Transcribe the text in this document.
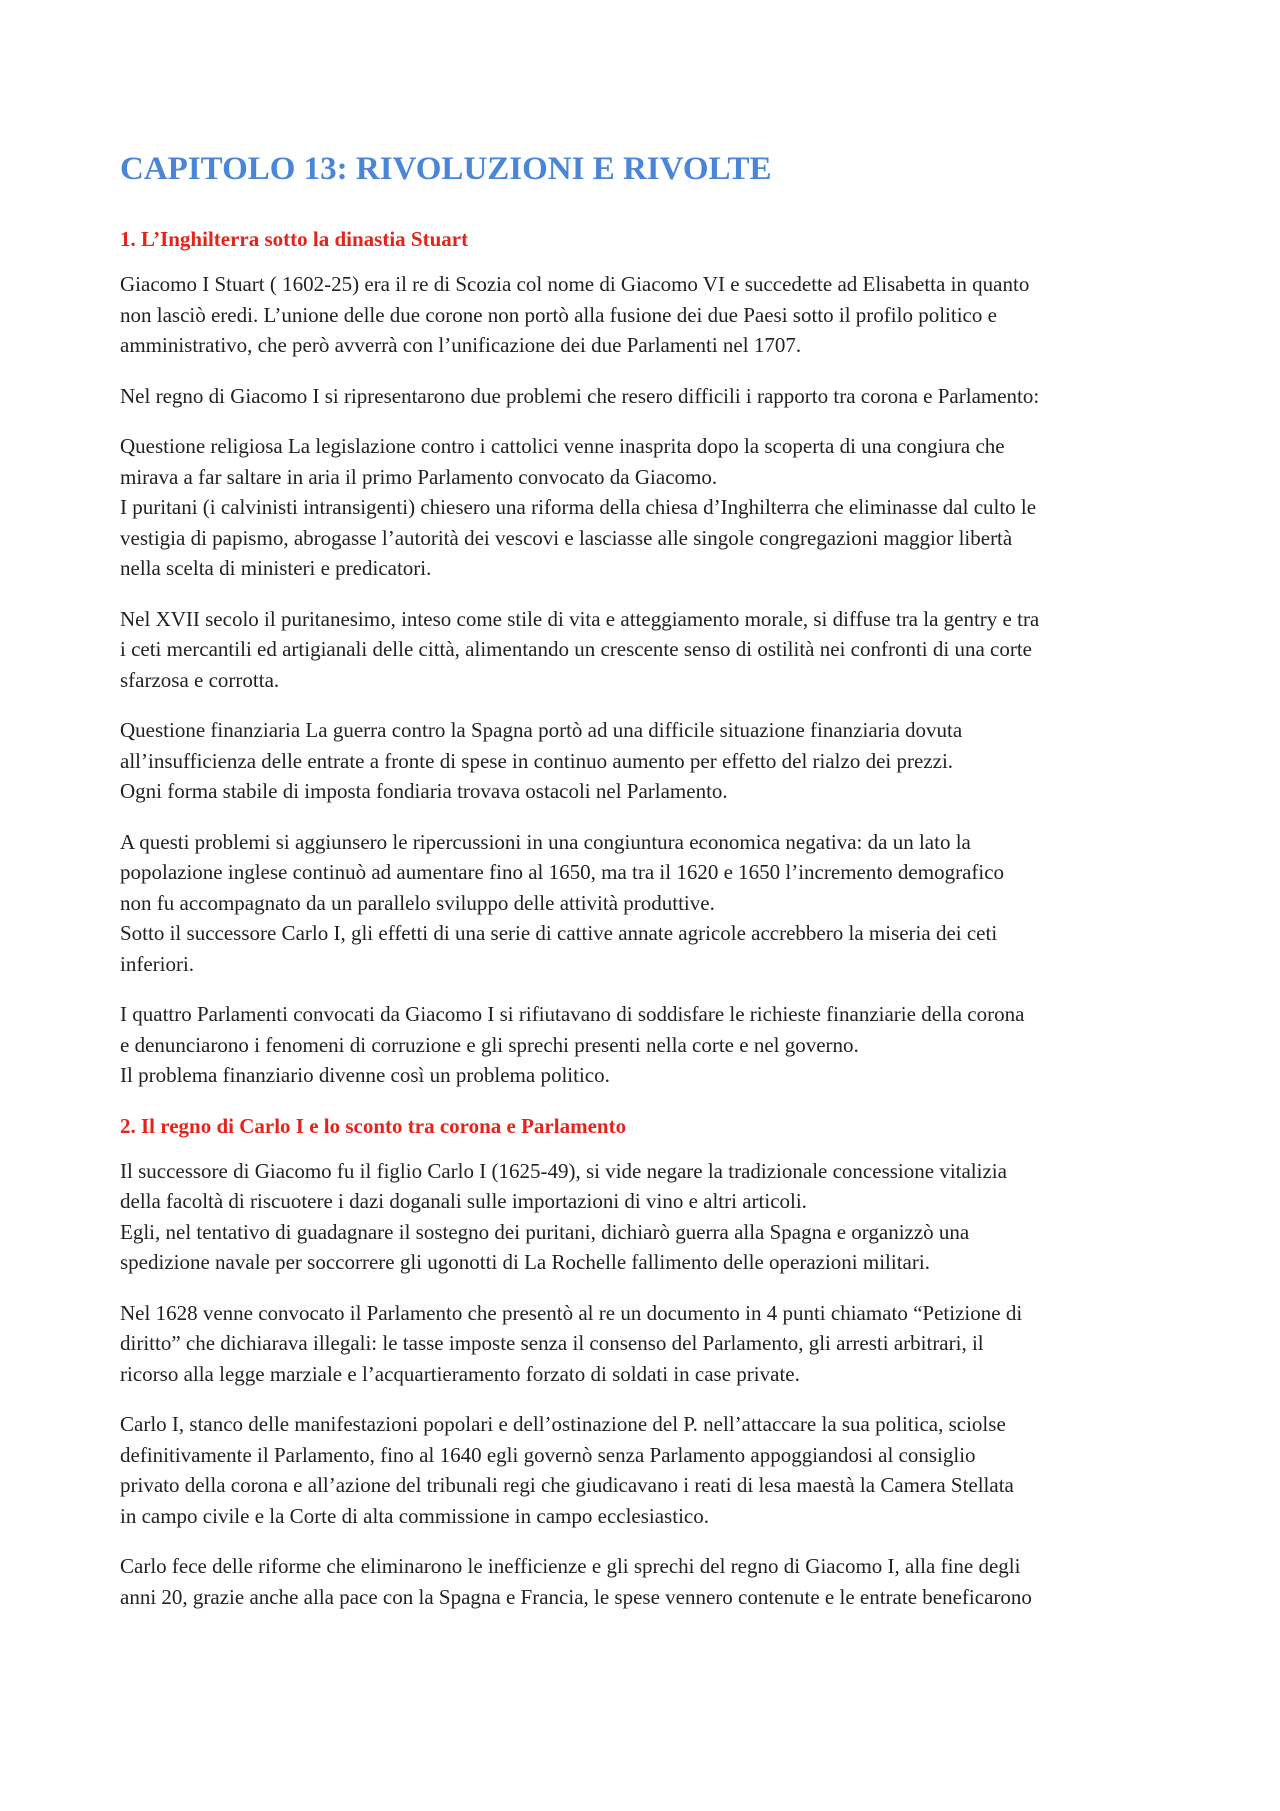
CAPITOLO 13: RIVOLUZIONI E RIVOLTE
1. L’Inghilterra sotto la dinastia Stuart

Giacomo I Stuart ( 1602-25) era il re di Scozia col nome di Giacomo VI e succedette ad Elisabetta in quanto
non lasciò eredi. L’unione delle due corone non portò alla fusione dei due Paesi sotto il profilo politico e
amministrativo, che però avverrà con l’unificazione dei due Parlamenti nel 1707.

Nel regno di Giacomo I si ripresentarono due problemi che resero difficili i rapporto tra corona e Parlamento:

Questione religiosa La legislazione contro i cattolici venne inasprita dopo la scoperta di una congiura che
mirava a far saltare in aria il primo Parlamento convocato da Giacomo.
I puritani (i calvinisti intransigenti) chiesero una riforma della chiesa d’Inghilterra che eliminasse dal culto le
vestigia di papismo, abrogasse l’autorità dei vescovi e lasciasse alle singole congregazioni maggior libertà
nella scelta di ministeri e predicatori.

Nel XVII secolo il puritanesimo, inteso come stile di vita e atteggiamento morale, si diffuse tra la gentry e tra
i ceti mercantili ed artigianali delle città, alimentando un crescente senso di ostilità nei confronti di una corte
sfarzosa e corrotta.

Questione finanziaria La guerra contro la Spagna portò ad una difficile situazione finanziaria dovuta
all’insufficienza delle entrate a fronte di spese in continuo aumento per effetto del rialzo dei prezzi.
Ogni forma stabile di imposta fondiaria trovava ostacoli nel Parlamento.

A questi problemi si aggiunsero le ripercussioni in una congiuntura economica negativa: da un lato la
popolazione inglese continuò ad aumentare fino al 1650, ma tra il 1620 e 1650 l’incremento demografico
non fu accompagnato da un parallelo sviluppo delle attività produttive.
Sotto il successore Carlo I, gli effetti di una serie di cattive annate agricole accrebbero la miseria dei ceti
inferiori.

I quattro Parlamenti convocati da Giacomo I si rifiutavano di soddisfare le richieste finanziarie della corona
e denunciarono i fenomeni di corruzione e gli sprechi presenti nella corte e nel governo.
Il problema finanziario divenne così un problema politico.

2. Il regno di Carlo I e lo sconto tra corona e Parlamento

Il successore di Giacomo fu il figlio Carlo I (1625-49), si vide negare la tradizionale concessione vitalizia
della facoltà di riscuotere i dazi doganali sulle importazioni di vino e altri articoli.
Egli, nel tentativo di guadagnare il sostegno dei puritani, dichiarò guerra alla Spagna e organizzò una
spedizione navale per soccorrere gli ugonotti di La Rochelle fallimento delle operazioni militari.

Nel 1628 venne convocato il Parlamento che presentò al re un documento in 4 punti chiamato “Petizione di
diritto” che dichiarava illegali: le tasse imposte senza il consenso del Parlamento, gli arresti arbitrari, il
ricorso alla legge marziale e l’acquartieramento forzato di soldati in case private.

Carlo I, stanco delle manifestazioni popolari e dell’ostinazione del P. nell’attaccare la sua politica, sciolse
definitivamente il Parlamento, fino al 1640 egli governò senza Parlamento appoggiandosi al consiglio
privato della corona e all’azione del tribunali regi che giudicavano i reati di lesa maestà la Camera Stellata
in campo civile e la Corte di alta commissione in campo ecclesiastico.

Carlo fece delle riforme che eliminarono le inefficienze e gli sprechi del regno di Giacomo I, alla fine degli
anni 20, grazie anche alla pace con la Spagna e Francia, le spese vennero contenute e le entrate beneficarono
